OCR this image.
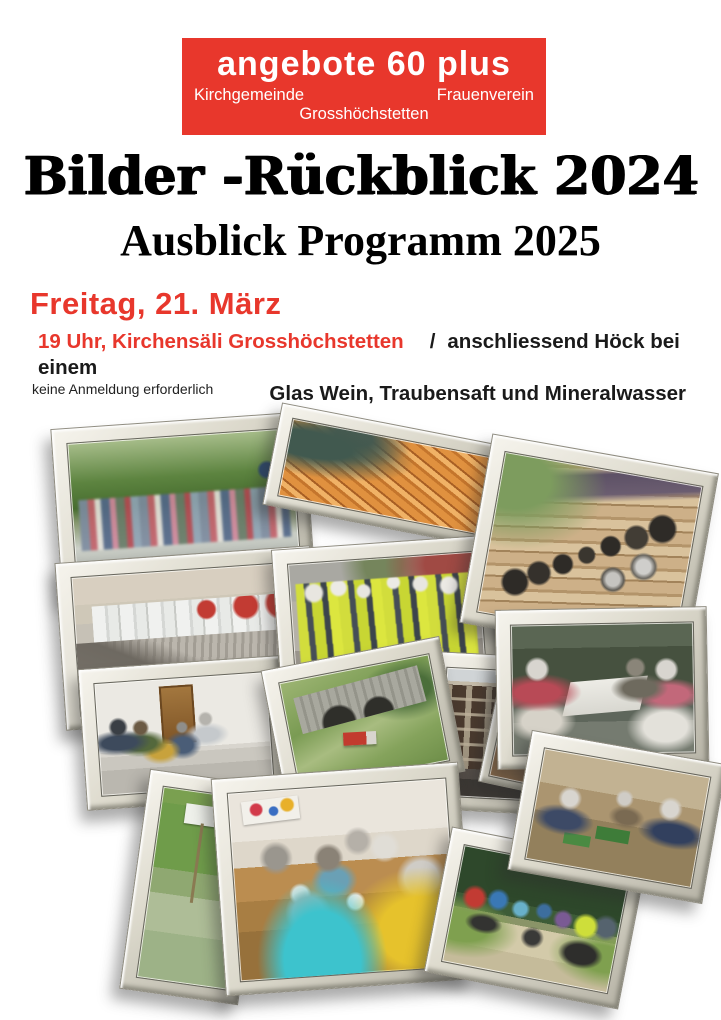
angebote 60 plus
Kirchgemeinde	Frauenverein
Grosshöchstetten
Bilder -Rückblick 2024
Ausblick Programm 2025
Freitag, 21. März
19 Uhr, Kirchensäli Grosshöchstetten / anschliessend Höck bei einem
Glas Wein, Traubensaft und Mineralwasser
keine Anmeldung erforderlich
